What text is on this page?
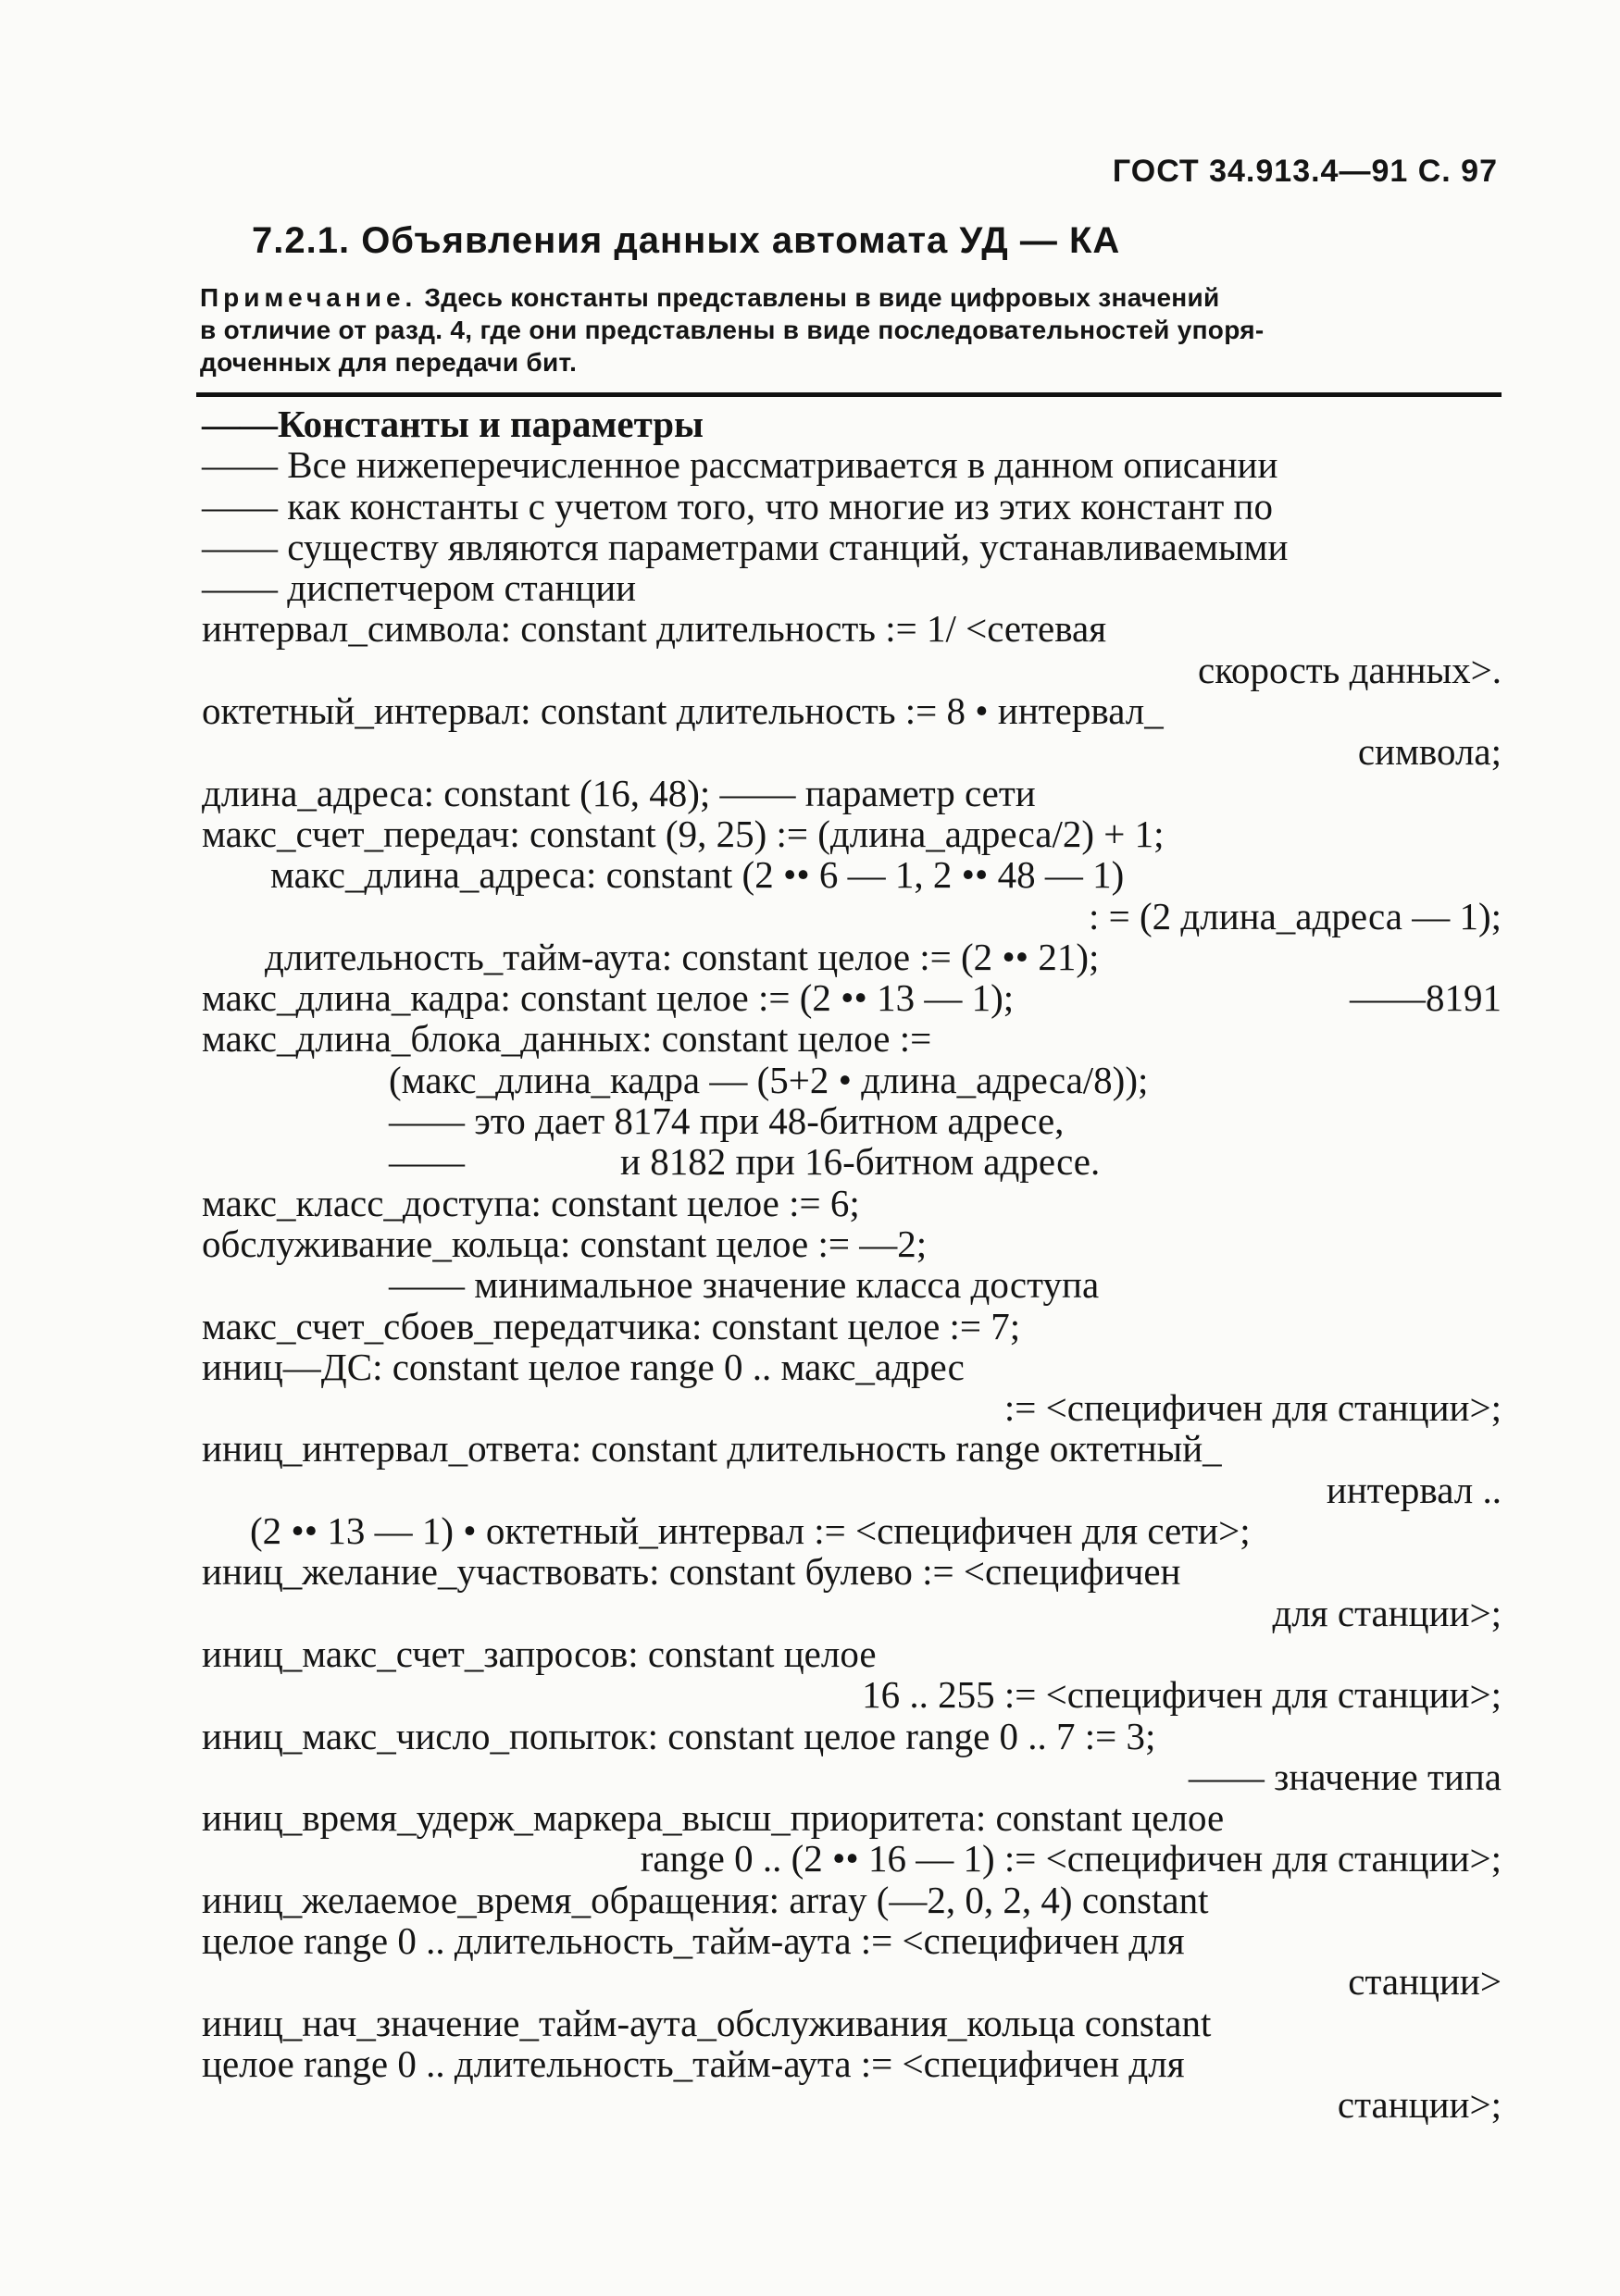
ГОСТ 34.913.4—91 С. 97
7.2.1. Объявления данных автомата УД — КА

Примечание. Здесь константы представлены в виде цифровых значений

в отличие от разд. 4, где они представлены в виде последовательностей упоря-

доченных для передачи бит.

——Константы и параметры
—— Все нижеперечисленное рассматривается в данном описании
—— как константы с учетом того, что многие из этих констант по
—— существу являются параметрами станций, устанавливаемыми
—— диспетчером станции
интервал_символа: constant длительность := 1/ <сетевая
скорость данных>.
октетный_интервал: constant длительность := 8 • интервал_
символа;
длина_адреса: constant (16, 48); —— параметр сети
макс_счет_передач: constant (9, 25) := (длина_адреса/2) + 1;
макс_длина_адреса: constant (2 •• 6 — 1, 2 •• 48 — 1)
: = (2 длина_адреса — 1);
длительность_тайм-аута: constant целое := (2 •• 21);
макс_длина_кадра: constant целое := (2 •• 13 — 1);	——8191
макс_длина_блока_данных: constant целое :=
(макс_длина_кадра — (5+2 • длина_адреса/8));
—— это дает 8174 при 48-битном адресе,
——	и 8182 при 16-битном адресе.
макс_класс_доступа: constant целое := 6;
обслуживание_кольца: constant целое := —2;
—— минимальное значение класса доступа
макс_счет_сбоев_передатчика: constant целое := 7;
иниц—ДС: constant целое range 0 .. макс_адрес
:= <специфичен для станции>;
иниц_интервал_ответа: constant длительность range октетный_
интервал ..
(2 •• 13 — 1) • октетный_интервал := <специфичен для сети>;
иниц_желание_участвовать: constant булево := <специфичен
для станции>;
иниц_макс_счет_запросов: constant целое
16 .. 255 := <специфичен для станции>;
иниц_макс_число_попыток: constant целое range 0 .. 7 := 3;
—— значение типа
иниц_время_удерж_маркера_высш_приоритета: constant целое
range 0 .. (2 •• 16 — 1) := <специфичен для станции>;
иниц_желаемое_время_обращения: array (—2, 0, 2, 4) constant
целое range 0 .. длительность_тайм-аута := <специфичен для
станции>
иниц_нач_значение_тайм-аута_обслуживания_кольца constant
целое range 0 .. длительность_тайм-аута := <специфичен для
станции>;
